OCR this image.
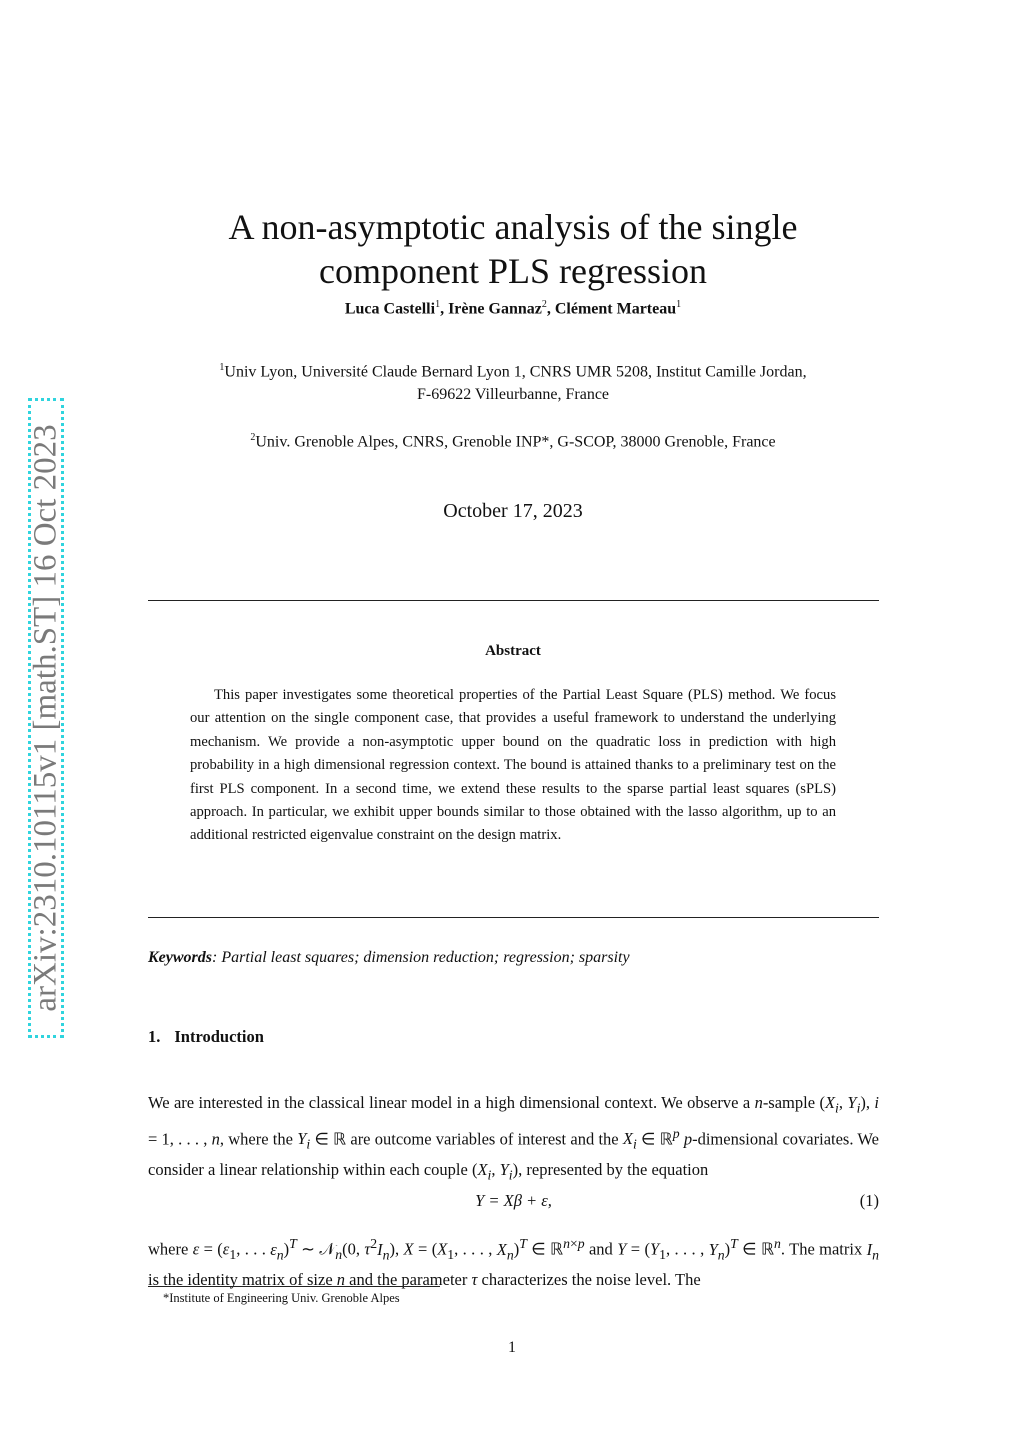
arXiv:2310.10115v1 [math.ST] 16 Oct 2023
A non-asymptotic analysis of the single
component PLS regression
Luca Castelli$^1$, Irène Gannaz$^2$, Clément Marteau$^1$
$^1$Univ Lyon, Université Claude Bernard Lyon 1, CNRS UMR 5208, Institut Camille Jordan,
F-69622 Villeurbanne, France
$^2$Univ. Grenoble Alpes, CNRS, Grenoble INP*, G-SCOP, 38000 Grenoble, France
October 17, 2023
Abstract
This paper investigates some theoretical properties of the Partial Least Square (PLS) method. We focus our attention on the single component case, that provides a useful framework to understand the underlying mechanism. We provide a non-asymptotic upper bound on the quadratic loss in prediction with high probability in a high dimensional regression context. The bound is attained thanks to a preliminary test on the first PLS component. In a second time, we extend these results to the sparse partial least squares (sPLS) approach. In particular, we exhibit upper bounds similar to those obtained with the lasso algorithm, up to an additional restricted eigenvalue constraint on the design matrix.
Keywords: Partial least squares; dimension reduction; regression; sparsity
1. Introduction
We are interested in the classical linear model in a high dimensional context. We observe a n-sample ($X_i$, $Y_i$), i = 1, . . . , n, where the $Y_i$ ∈ ℝ are outcome variables of interest and the $X_i$ ∈ ℝ$^p$ p-dimensional covariates. We consider a linear relationship within each couple ($X_i$, $Y_i$), represented by the equation
Y = Xβ + ε,	(1)
where $\varepsilon = (\varepsilon_1$, . . . $\varepsilon_n)^T$ ∼ 𝒩$_n$(0, $\tau^2I_n$), $X = (X_1$, . . . , $X_n)^T$ ∈ ℝ$^{n\times p}$ and $Y = (Y_1$, . . . , $Y_n)^T$ ∈ ℝ$^n$. The matrix $I_n$ is the identity matrix of size n and the parameter τ characterizes the noise level. The
*Institute of Engineering Univ. Grenoble Alpes
1
